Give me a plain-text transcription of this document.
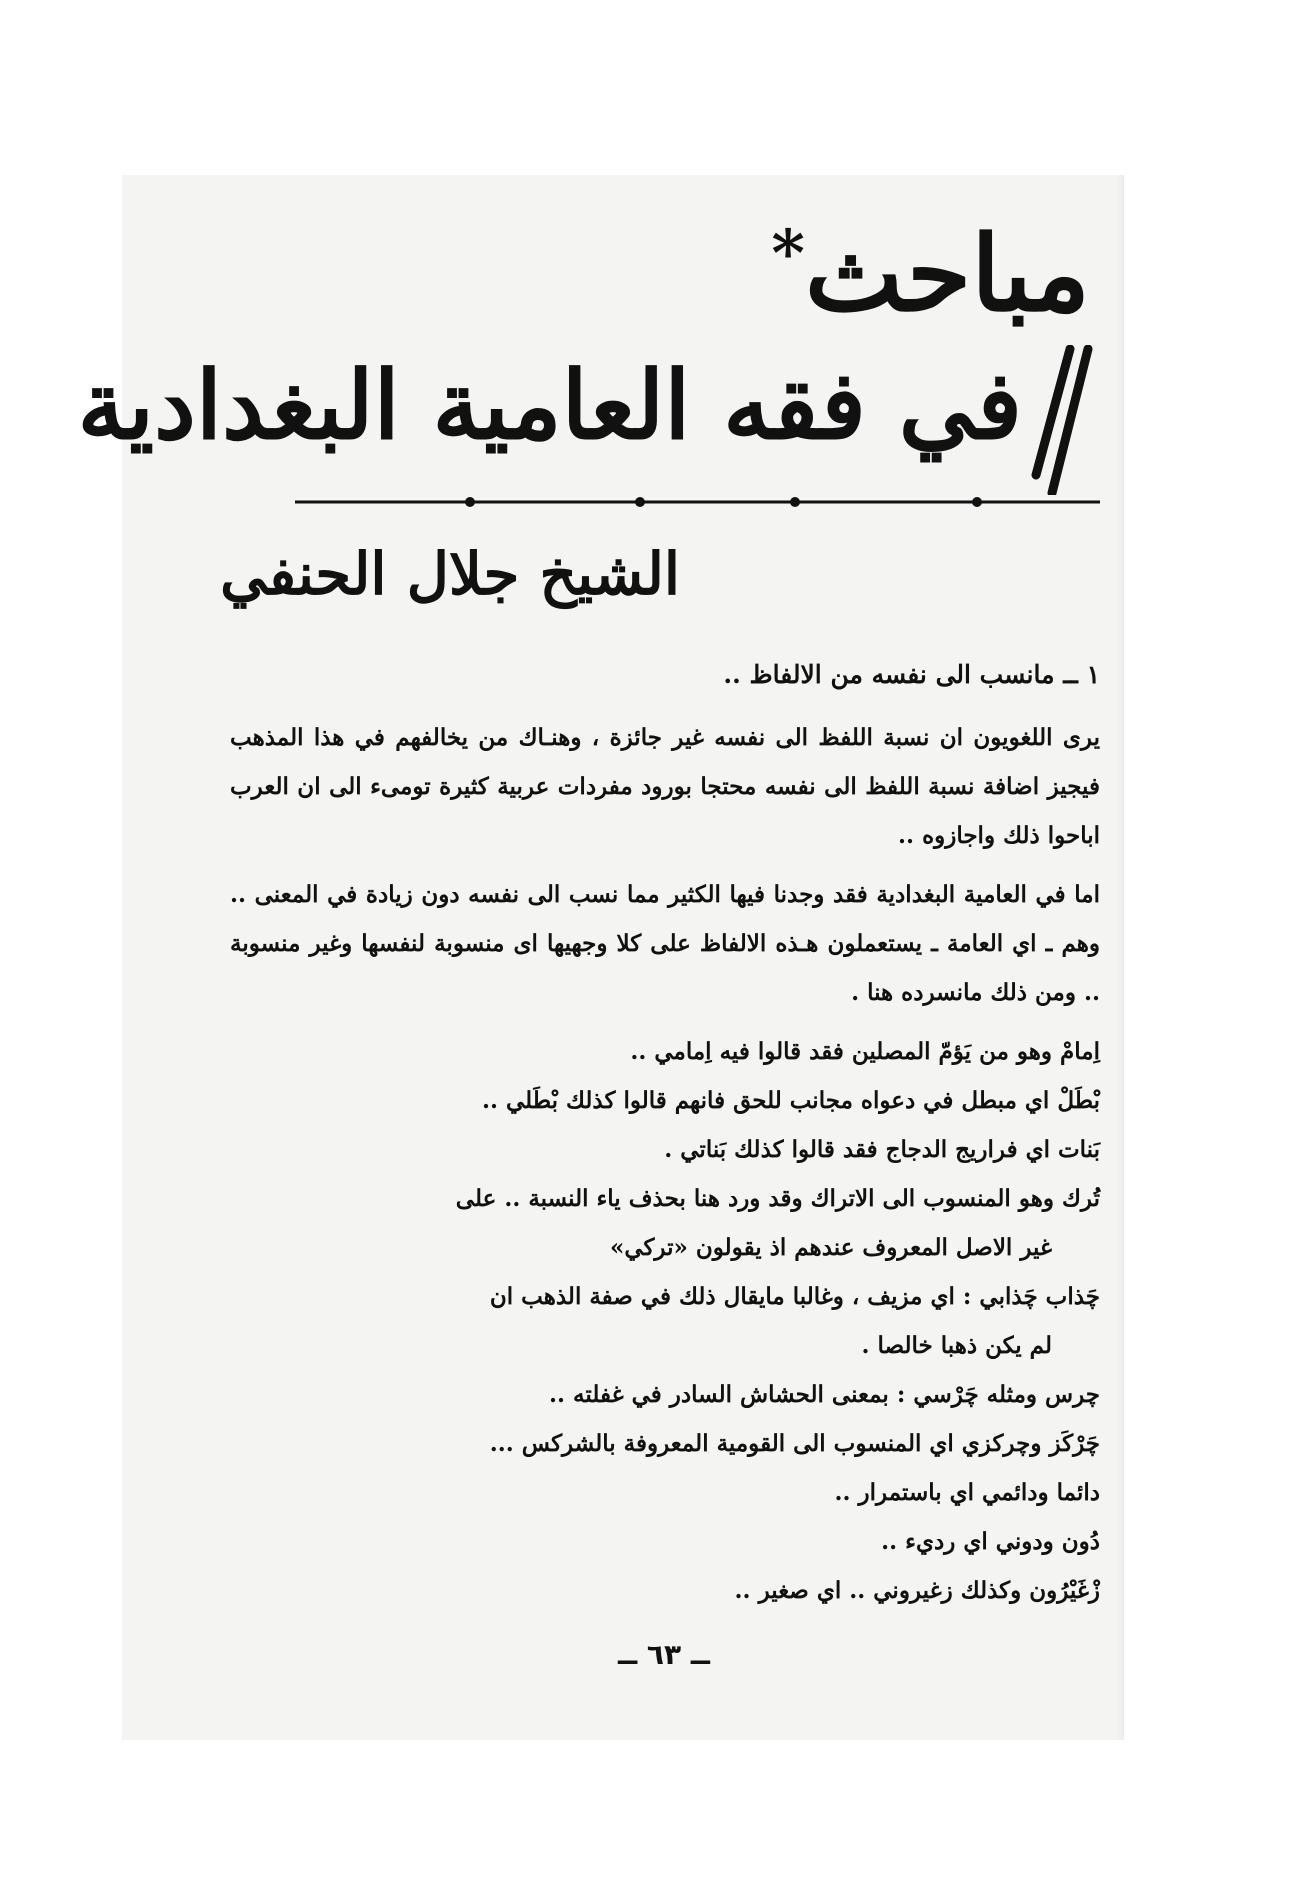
مباحث*
في فقه العامية البغدادية
الشيخ جلال الحنفي

١ ــ مانسب الى نفسه من الالفاظ ..

يرى اللغويون ان نسبة اللفظ الى نفسه غير جائزة ، وهنـاك من يخالفهم في هذا المذهب فيجيز اضافة نسبة اللفظ الى نفسه محتجا بورود مفردات عربية كثيرة تومىء الى ان العرب اباحوا ذلك واجازوه ..

اما في العامية البغدادية فقد وجدنا فيها الكثير مما نسب الى نفسه دون زيادة في المعنى .. وهم ـ اي العامة ـ يستعملون هـذه الالفاظ على كلا وجهيها اى منسوبة لنفسها وغير منسوبة .. ومن ذلك مانسرده هنا .

اِمامْ وهو من يَؤمّ المصلين فقد قالوا فيه اِمامي ..

بْطَلْ اي مبطل في دعواه مجانب للحق فانهم قالوا كذلك بْطَلي ..

بَنات اي فراريج الدجاج فقد قالوا كذلك بَناتي .

تُرك وهو المنسوب الى الاتراك وقد ورد هنا بحذف ياء النسبة .. على

غير الاصل المعروف عندهم اذ يقولون «تركي»

چَذاب چَذابي : اي مزيف ، وغالبا مايقال ذلك في صفة الذهب ان

لم يكن ذهبا خالصا .

چرس ومثله چَرْسي : بمعنى الحشاش السادر في غفلته ..

چَرْكَز وچركزي اي المنسوب الى القومية المعروفة بالشركس ...

دائما ودائمي اي باستمرار ..

دُون ودوني اي رديء ..

زْغَيْرُون وكذلك زغيروني .. اي صغير ..

ــ ٦٣ ــ
